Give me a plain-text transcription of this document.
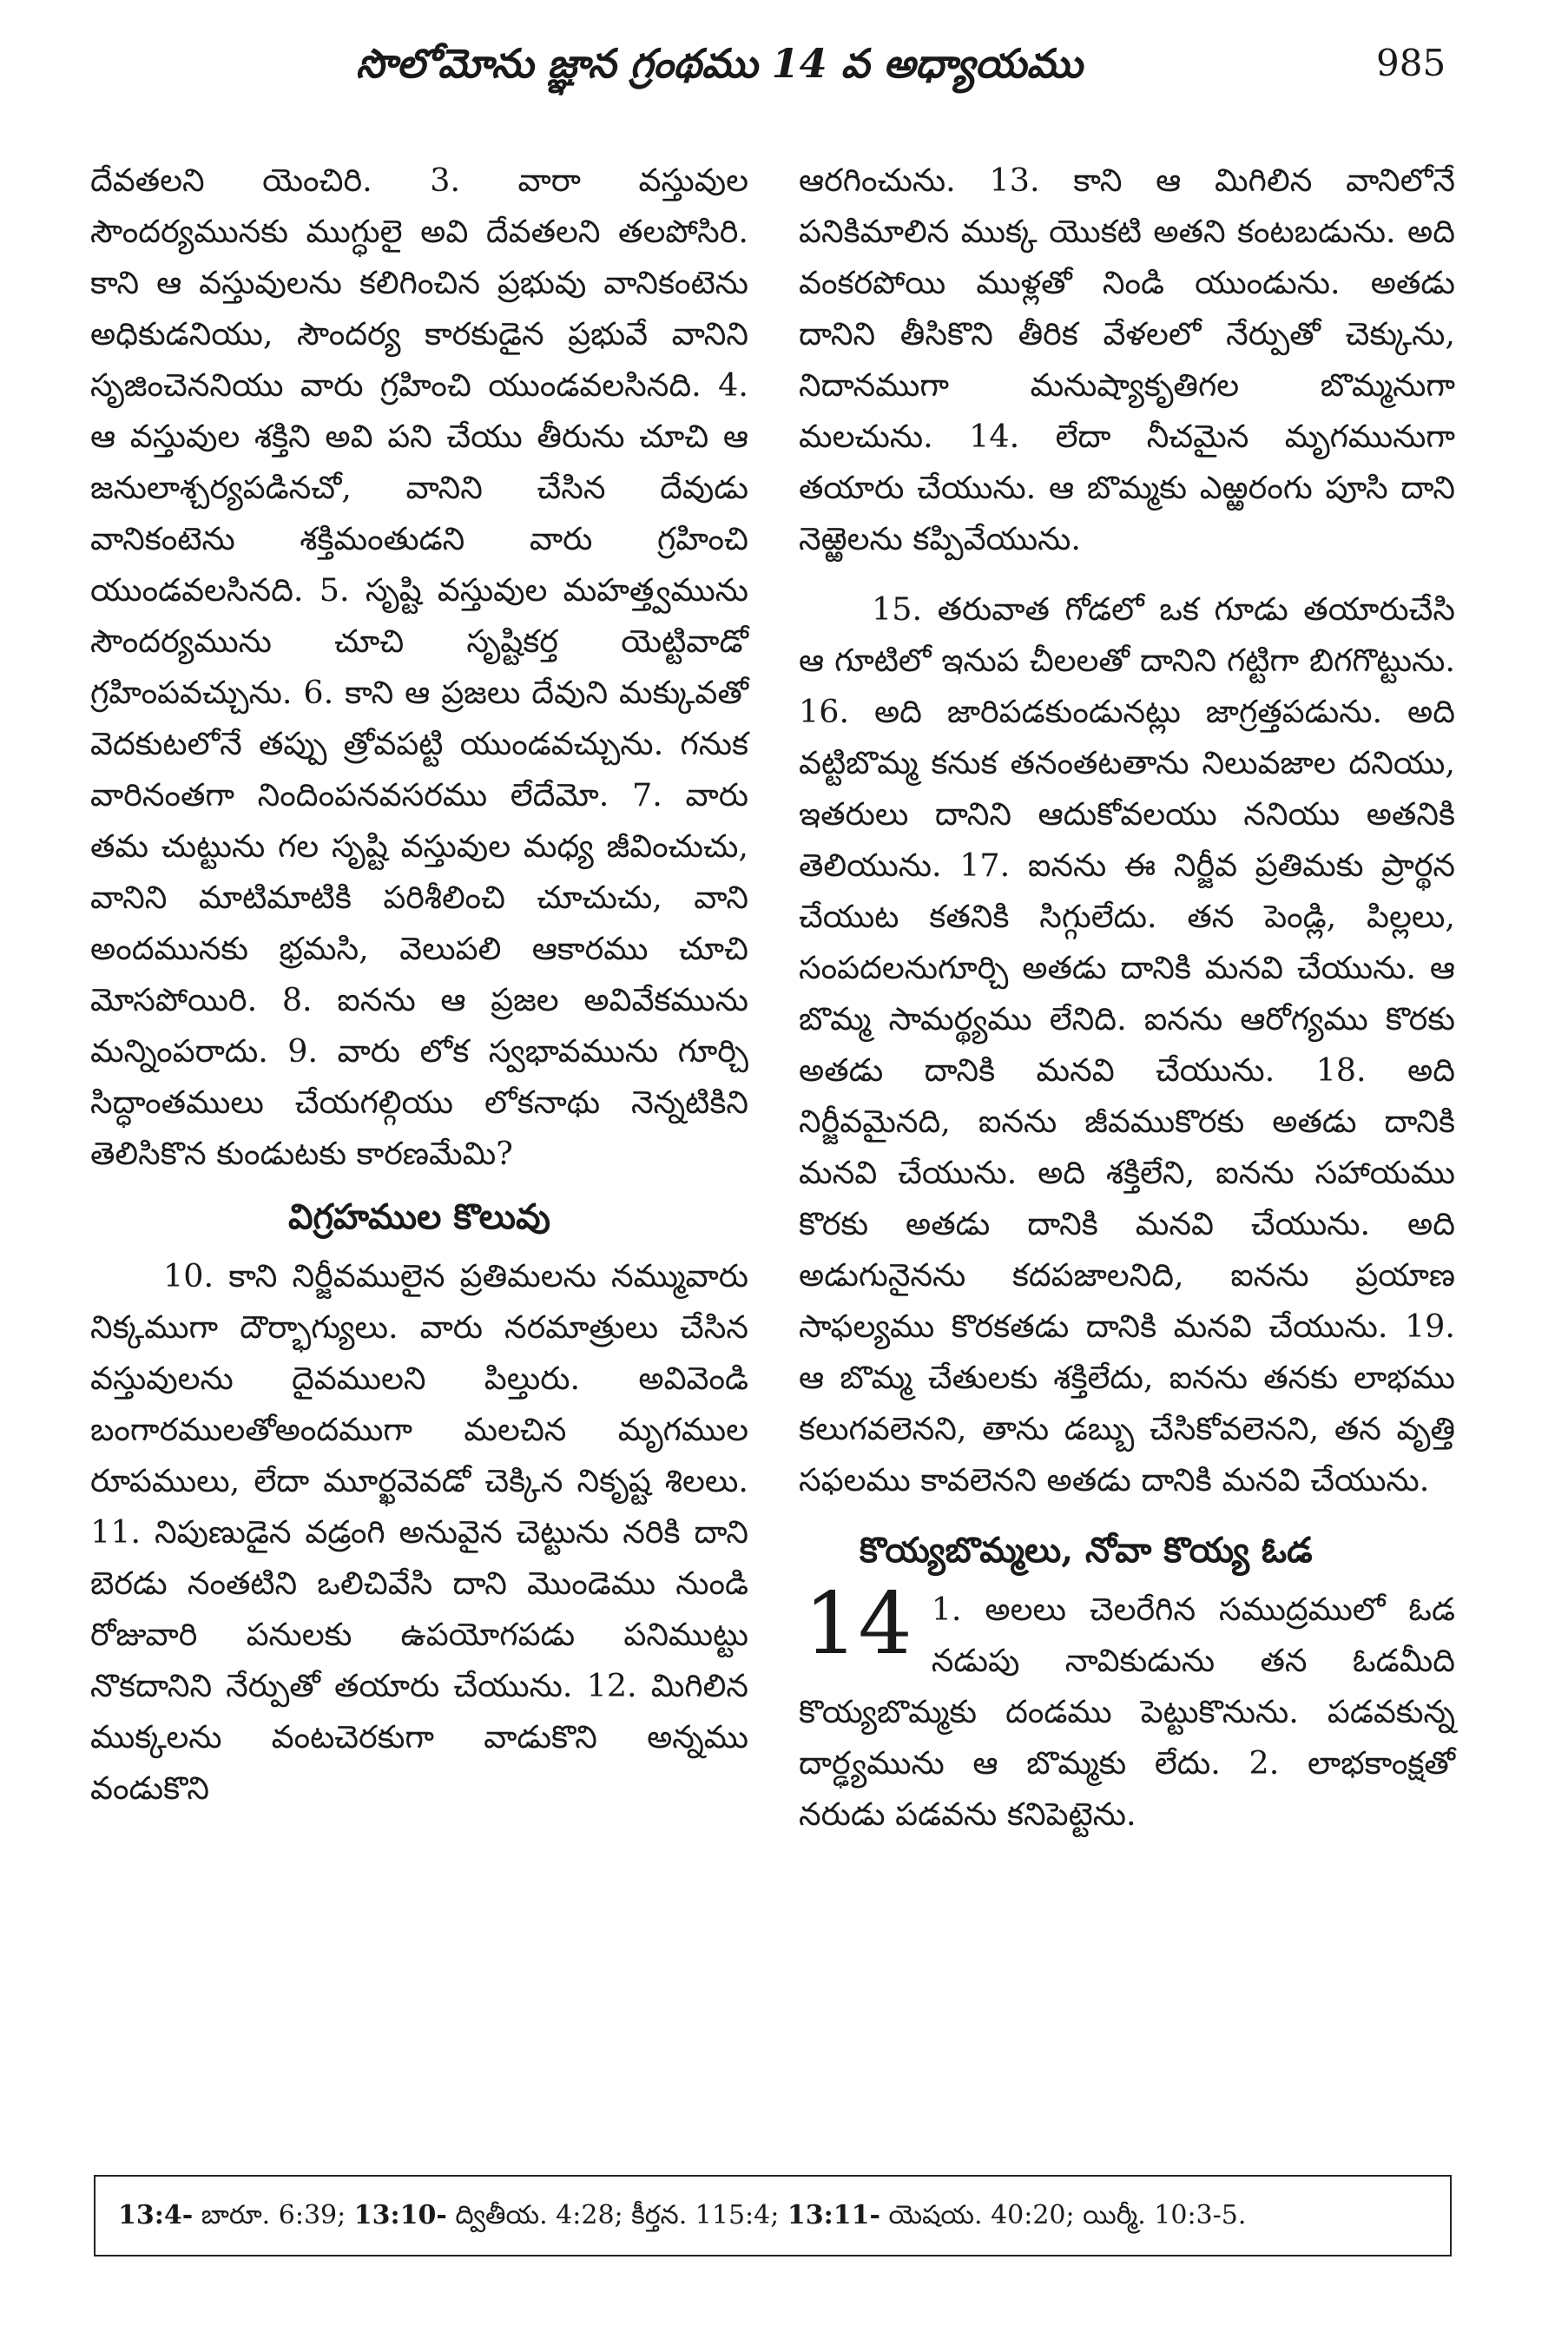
సొలోమోను జ్ఞాన గ్రంథము 14 వ అధ్యాయము	985

దేవతలని యెంచిరి. 3. వారా వస్తువుల సౌందర్యమునకు ముగ్ధులై అవి దేవతలని తలపోసిరి. కాని ఆ వస్తువులను కలిగించిన ప్రభువు వానికంటెను అధికుడనియు, సౌందర్య కారకుడైన ప్రభువే వానిని సృజించెననియు వారు గ్రహించి యుండవలసినది. 4. ఆ వస్తువుల శక్తిని అవి పని చేయు తీరును చూచి ఆ జనులాశ్చర్యపడినచో, వానిని చేసిన దేవుడు వానికంటెను శక్తిమంతుడని వారు గ్రహించి యుండవలసినది. 5. సృష్టి వస్తువుల మహత్త్వమును సౌందర్యమును చూచి సృష్టికర్త యెట్టివాడో గ్రహింపవచ్చును. 6. కాని ఆ ప్రజలు దేవుని మక్కువతో వెదకుటలోనే తప్పు త్రోవపట్టి యుండవచ్చును. గనుక వారినంతగా నిందింపనవసరము లేదేమో. 7. వారు తమ చుట్టును గల సృష్టి వస్తువుల మధ్య జీవించుచు, వానిని మాటిమాటికి పరిశీలించి చూచుచు, వాని అందమునకు భ్రమసి, వెలుపలి ఆకారము చూచి మోసపోయిరి. 8. ఐనను ఆ ప్రజల అవివేకమును మన్నింపరాదు. 9. వారు లోక స్వభావమును గూర్చి సిద్ధాంతములు చేయగల్గియు లోకనాథు నెన్నటికిని తెలిసికొన కుండుటకు కారణమేమి?

విగ్రహముల కొలువు

10. కాని నిర్జీవములైన ప్రతిమలను నమ్మువారు నిక్కముగా దౌర్భాగ్యులు. వారు నరమాత్రులు చేసిన వస్తువులను దైవములని పిల్తురు. అవివెండి బంగారములతోఅందముగా మలచిన మృగముల రూపములు, లేదా మూర్ఖవెవడో చెక్కిన నికృష్ట శిలలు. 11. నిపుణుడైన వడ్రంగి అనువైన చెట్టును నరికి దాని బెరడు నంతటిని ఒలిచివేసి దాని మొండెము నుండి రోజువారి పనులకు ఉపయోగపడు పనిముట్టు నొకదానిని నేర్పుతో తయారు చేయును. 12. మిగిలిన ముక్కలను వంటచెరకుగా వాడుకొని అన్నము వండుకొని

ఆరగించును. 13. కాని ఆ మిగిలిన వానిలోనే పనికిమాలిన ముక్క యొకటి అతని కంటబడును. అది వంకరపోయి ముళ్లతో నిండి యుండును. అతడు దానిని తీసికొని తీరిక వేళలలో నేర్పుతో చెక్కును, నిదానముగా మనుష్యాకృతిగల బొమ్మనుగా మలచును. 14. లేదా నీచమైన మృగమునుగా తయారు చేయును. ఆ బొమ్మకు ఎఱ్ఱరంగు పూసి దాని నెఱ్ఱెలను కప్పివేయును.

15. తరువాత గోడలో ఒక గూడు తయారుచేసి ఆ గూటిలో ఇనుప చీలలతో దానిని గట్టిగా బిగగొట్టును. 16. అది జారిపడకుండునట్లు జాగ్రత్తపడును. అది వట్టిబొమ్మ కనుక తనంతటతాను నిలువజాల దనియు, ఇతరులు దానిని ఆదుకోవలయు ననియు అతనికి తెలియును. 17. ఐనను ఈ నిర్జీవ ప్రతిమకు ప్రార్థన చేయుట కతనికి సిగ్గులేదు. తన పెండ్లి, పిల్లలు, సంపదలనుగూర్చి అతడు దానికి మనవి చేయును. ఆ బొమ్మ సామర్థ్యము లేనిది. ఐనను ఆరోగ్యము కొరకు అతడు దానికి మనవి చేయును. 18. అది నిర్జీవమైనది, ఐనను జీవముకొరకు అతడు దానికి మనవి చేయును. అది శక్తిలేని, ఐనను సహాయము కొరకు అతడు దానికి మనవి చేయును. అది అడుగునైనను కదపజాలనిది, ఐనను ప్రయాణ సాఫల్యము కొరకతడు దానికి మనవి చేయును. 19. ఆ బొమ్మ చేతులకు శక్తిలేదు, ఐనను తనకు లాభము కలుగవలెనని, తాను డబ్బు చేసికోవలెనని, తన వృత్తి సఫలము కావలెనని అతడు దానికి మనవి చేయును.

కొయ్యబొమ్మలు, నోవా కొయ్య ఓడ
14 1. అలలు చెలరేగిన సముద్రములో ఓడ నడుపు నావికుడును తన ఓడమీది కొయ్యబొమ్మకు దండము పెట్టుకొనును. పడవకున్న దార్ఢ్యమును ఆ బొమ్మకు లేదు. 2. లాభకాంక్షతో నరుడు పడవను కనిపెట్టెను.

13:4- బారూ. 6:39; 13:10- ద్వితీయ. 4:28; కీర్తన. 115:4; 13:11- యెషయ. 40:20; యిర్మీ. 10:3-5.
